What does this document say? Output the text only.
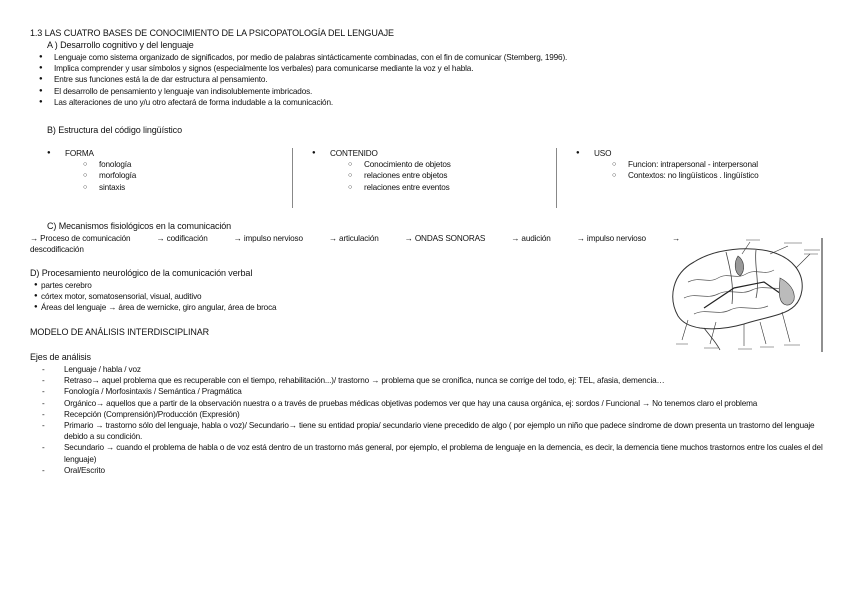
1.3 LAS CUATRO BASES DE CONOCIMIENTO DE LA PSICOPATOLOGÍA DEL LENGUAJE
A ) Desarrollo cognitivo y del lenguaje
● Lenguaje como sistema organizado de significados, por medio de palabras sintácticamente combinadas, con el fin de comunicar (Stemberg, 1996).
● Implica comprender y usar símbolos y signos (especialmente los verbales) para comunicarse mediante la voz y el habla.
● Entre sus funciones está la de dar estructura al pensamiento.
● El desarrollo de pensamiento y lenguaje van indisolublemente imbricados.
● Las alteraciones de uno y/u otro afectará de forma indudable a la comunicación.
B) Estructura del código lingüístico
● FORMA
○ fonología
○ morfología
○ sintaxis
● CONTENIDO
○ Conocimiento de objetos
○ relaciones entre objetos
○ relaciones entre eventos
● USO
○ Funcion: intrapersonal - interpersonal
○ Contextos: no lingüísticos . lingüístico
C) Mecanismos fisiológicos en la comunicación
→ Proceso de comunicación	→ codificación	→ impulso nervioso	→ articulación	→ ONDAS SONORAS	→ audición	→ impulso nervioso	→
descodificación
D) Procesamiento neurológico de la comunicación verbal
● partes cerebro
● córtex motor, somatosensorial, visual, auditivo
● Áreas del lenguaje → área de wernicke, giro angular, área de broca
MODELO DE ANÁLISIS INTERDISCIPLINAR
Ejes de análisis
- Lenguaje / habla / voz
- Retraso→ aquel problema que es recuperable con el tiempo, rehabilitación...)/ trastorno → problema que se cronifica, nunca se corrige del todo, ej: TEL, afasia, demencia…
- Fonología / Morfosintaxis / Semántica / Pragmática
- Orgánico→ aquellos que a partir de la observación nuestra o a través de pruebas médicas objetivas podemos ver que hay una causa orgánica, ej: sordos / Funcional → No tenemos claro el problema
- Recepción (Comprensión)/Producción (Expresión)
- Primario → trastorno sólo del lenguaje, habla o voz)/ Secundario→ tiene su entidad propia/ secundario viene precedido de algo ( por ejemplo un niño que padece síndrome de down presenta un trastorno del lenguaje debido a su condición.
- Secundario → cuando el problema de habla o de voz está dentro de un trastorno más general, por ejemplo, el problema de lenguaje en la demencia, es decir, la demencia tiene muchos trastornos entre los cuales el del lenguaje)
- Oral/Escrito
